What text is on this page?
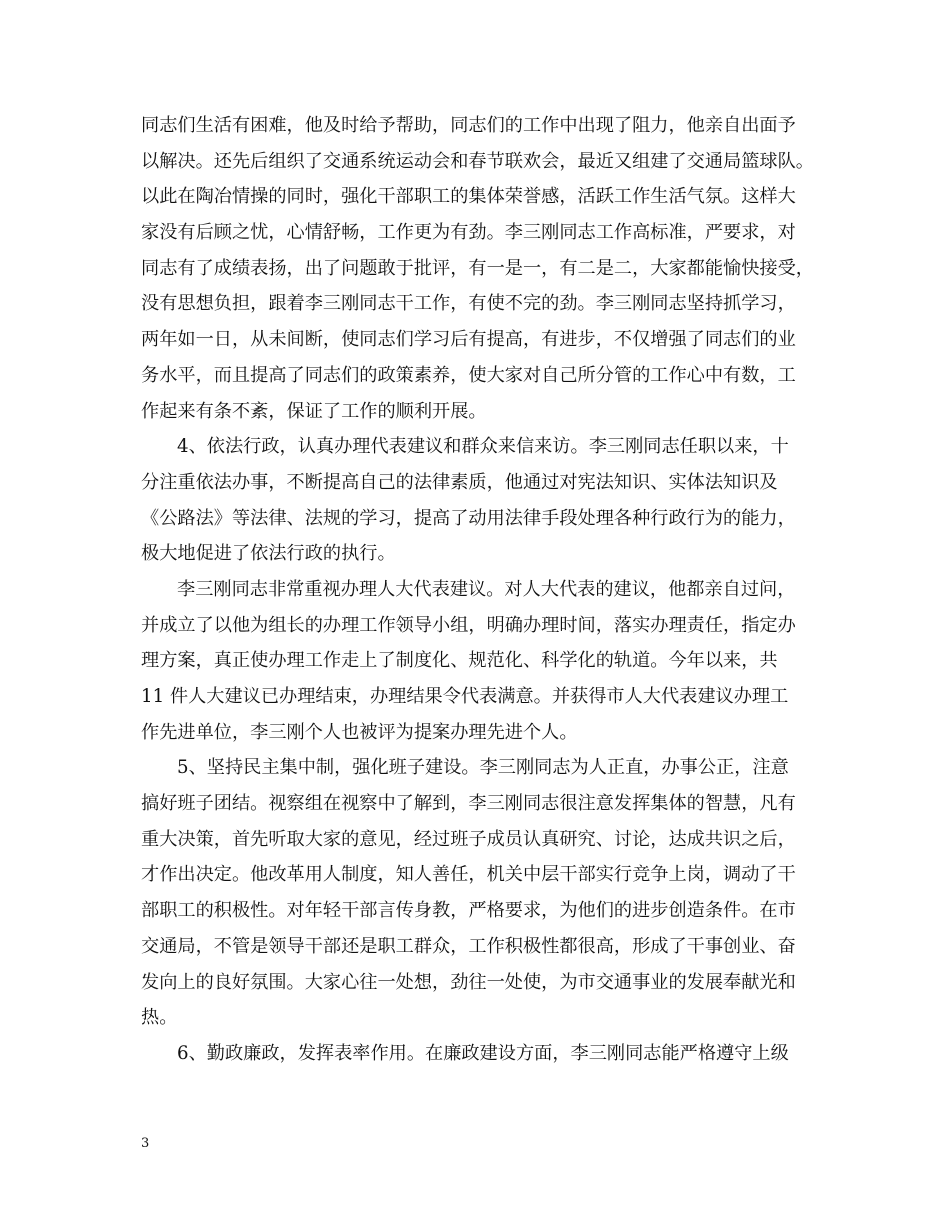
同志们生活有困难，他及时给予帮助，同志们的工作中出现了阻力，他亲自出面予
以解决。还先后组织了交通系统运动会和春节联欢会，最近又组建了交通局篮球队。
以此在陶冶情操的同时，强化干部职工的集体荣誉感，活跃工作生活气氛。这样大
家没有后顾之忧，心情舒畅，工作更为有劲。李三刚同志工作高标准，严要求，对
同志有了成绩表扬，出了问题敢于批评，有一是一，有二是二，大家都能愉快接受，
没有思想负担，跟着李三刚同志干工作，有使不完的劲。李三刚同志坚持抓学习，
两年如一日，从未间断，使同志们学习后有提高，有进步，不仅增强了同志们的业
务水平，而且提高了同志们的政策素养，使大家对自己所分管的工作心中有数，工
作起来有条不紊，保证了工作的顺利开展。
4、依法行政，认真办理代表建议和群众来信来访。李三刚同志任职以来，十
分注重依法办事，不断提高自己的法律素质，他通过对宪法知识、实体法知识及
《公路法》等法律、法规的学习，提高了动用法律手段处理各种行政行为的能力，
极大地促进了依法行政的执行。
李三刚同志非常重视办理人大代表建议。对人大代表的建议，他都亲自过问，
并成立了以他为组长的办理工作领导小组，明确办理时间，落实办理责任，指定办
理方案，真正使办理工作走上了制度化、规范化、科学化的轨道。今年以来，共
11 件人大建议已办理结束，办理结果令代表满意。并获得市人大代表建议办理工
作先进单位，李三刚个人也被评为提案办理先进个人。
5、坚持民主集中制，强化班子建设。李三刚同志为人正直，办事公正，注意
搞好班子团结。视察组在视察中了解到，李三刚同志很注意发挥集体的智慧，凡有
重大决策，首先听取大家的意见，经过班子成员认真研究、讨论，达成共识之后，
才作出决定。他改革用人制度，知人善任，机关中层干部实行竞争上岗，调动了干
部职工的积极性。对年轻干部言传身教，严格要求，为他们的进步创造条件。在市
交通局，不管是领导干部还是职工群众，工作积极性都很高，形成了干事创业、奋
发向上的良好氛围。大家心往一处想，劲往一处使，为市交通事业的发展奉献光和
热。
6、勤政廉政，发挥表率作用。在廉政建设方面，李三刚同志能严格遵守上级
3
